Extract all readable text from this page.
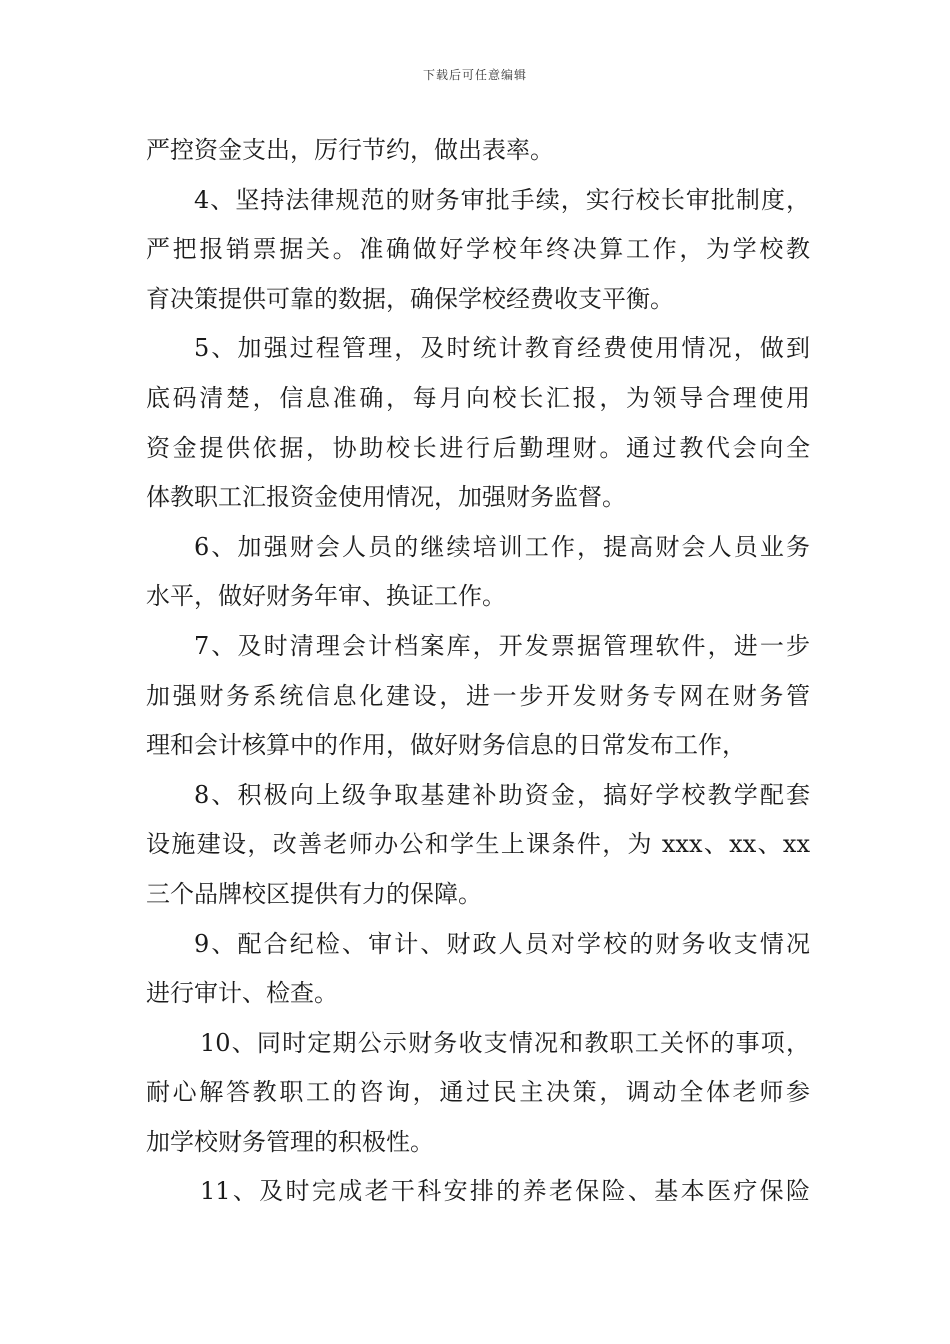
下载后可任意编辑
严控资金支出，厉行节约，做出表率。
4、坚持法律规范的财务审批手续，实行校长审批制度，
严把报销票据关。准确做好学校年终决算工作，为学校教
育决策提供可靠的数据，确保学校经费收支平衡。
5、加强过程管理，及时统计教育经费使用情况，做到
底码清楚，信息准确，每月向校长汇报，为领导合理使用
资金提供依据，协助校长进行后勤理财。通过教代会向全
体教职工汇报资金使用情况，加强财务监督。
6、加强财会人员的继续培训工作，提高财会人员业务
水平，做好财务年审、换证工作。
7、及时清理会计档案库，开发票据管理软件，进一步
加强财务系统信息化建设，进一步开发财务专网在财务管
理和会计核算中的作用，做好财务信息的日常发布工作，
8、积极向上级争取基建补助资金，搞好学校教学配套
设施建设，改善老师办公和学生上课条件，为 xxx、xx、xx
三个品牌校区提供有力的保障。
9、配合纪检、审计、财政人员对学校的财务收支情况
进行审计、检查。
10、同时定期公示财务收支情况和教职工关怀的事项，
耐心解答教职工的咨询，通过民主决策，调动全体老师参
加学校财务管理的积极性。
11、及时完成老干科安排的养老保险、基本医疗保险
